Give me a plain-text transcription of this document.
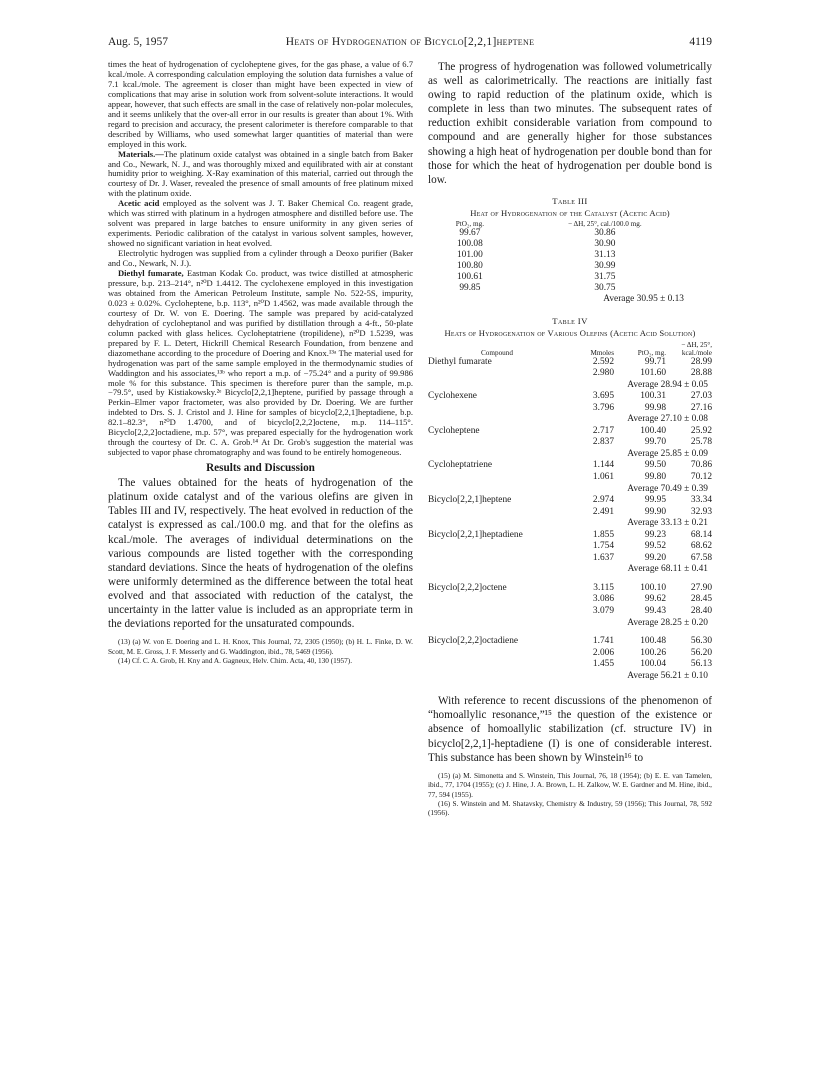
Aug. 5, 1957	Heats of Hydrogenation of Bicyclo[2,2,1]heptene	4119

times the heat of hydrogenation of cycloheptene gives, for the gas phase, a value of 6.7 kcal./mole. A corresponding calculation employing the solution data furnishes a value of 7.1 kcal./mole. The agreement is closer than might have been expected in view of complications that may arise in solution work from solvent-solute interactions. It would appear, however, that such effects are small in the case of relatively non-polar molecules, and it seems unlikely that the over-all error in our results is greater than about 1%. With regard to precision and accuracy, the present calorimeter is therefore comparable to that described by Williams, who used somewhat larger quantities of material than were employed in this work.

Materials.—The platinum oxide catalyst was obtained in a single batch from Baker and Co., Newark, N. J., and was thoroughly mixed and equilibrated with air at constant humidity prior to weighing. X-Ray examination of this material, carried out through the courtesy of Dr. J. Waser, revealed the presence of small amounts of free platinum mixed with the platinum oxide.

Acetic acid employed as the solvent was J. T. Baker Chemical Co. reagent grade, which was stirred with platinum in a hydrogen atmosphere and distilled before use. The solvent was prepared in large batches to ensure uniformity in any given series of experiments. Periodic calibration of the catalyst in various solvent samples, however, showed no significant variation in heat evolved.

Electrolytic hydrogen was supplied from a cylinder through a Deoxo purifier (Baker and Co., Newark, N. J.).

Diethyl fumarate, Eastman Kodak Co. product, was twice distilled at atmospheric pressure, b.p. 213–214°, n²⁰D 1.4412. The cyclohexene employed in this investigation was obtained from the American Petroleum Institute, sample No. 522-5S, impurity, 0.023 ± 0.02%. Cycloheptene, b.p. 113°, n²⁰D 1.4562, was made available through the courtesy of Dr. W. von E. Doering. The sample was prepared by acid-catalyzed dehydration of cycloheptanol and was purified by distillation through a 4-ft., 50-plate column packed with glass helices. Cycloheptatriene (tropilidene), n²⁰D 1.5239, was prepared by F. L. Detert, Hickrill Chemical Research Foundation, from benzene and diazomethane according to the procedure of Doering and Knox.¹³ᵃ The material used for hydrogenation was part of the same sample employed in the thermodynamic studies of Waddington and his associates,¹³ᵇ who report a m.p. of −75.24° and a purity of 99.986 mole % for this substance. This specimen is therefore purer than the sample, m.p. −79.5°, used by Kistiakowsky.²ᵉ Bicyclo[2,2,1]heptene, purified by passage through a Perkin–Elmer vapor fractometer, was also provided by Dr. Doering. We are further indebted to Drs. S. J. Cristol and J. Hine for samples of bicyclo[2,2,1]heptadiene, b.p. 82.1–82.3°, n²⁰D 1.4700, and of bicyclo[2,2,2]octene, m.p. 114–115°. Bicyclo[2,2,2]octadiene, m.p. 57°, was prepared especially for the hydrogenation work through the courtesy of Dr. C. A. Grob.¹⁴ At Dr. Grob's suggestion the material was subjected to vapor phase chromatography and was found to be entirely homogeneous.

Results and Discussion

The values obtained for the heats of hydrogenation of the platinum oxide catalyst and of the various olefins are given in Tables III and IV, respectively. The heat evolved in reduction of the catalyst is expressed as cal./100.0 mg. and that for the olefins as kcal./mole. The averages of individual determinations on the various compounds are listed together with the corresponding standard deviations. Since the heats of hydrogenation of the olefins were uniformly determined as the difference between the total heat evolved and that associated with reduction of the catalyst, the uncertainty in the latter value is included as an appropriate term in the deviations reported for the unsaturated compounds.

(13) (a) W. von E. Doering and L. H. Knox, This Journal, 72, 2305 (1950); (b) H. L. Finke, D. W. Scott, M. E. Gross, J. F. Messerly and G. Waddington, ibid., 78, 5469 (1956).

(14) Cf. C. A. Grob, H. Kny and A. Gagneux, Helv. Chim. Acta, 40, 130 (1957).

The progress of hydrogenation was followed volumetrically as well as calorimetrically. The reactions are initially fast owing to rapid reduction of the platinum oxide, which is complete in less than two minutes. The subsequent rates of reduction exhibit considerable variation from compound to compound and are generally higher for those substances showing a high heat of hydrogenation per double bond than for those for which the heat of hydrogenation per double bond is low.

Table III
Heat of Hydrogenation of the Catalyst (Acetic Acid)
PtO₂, mg.	− ΔH, 25°, cal./100.0 mg.
99.67	30.86
100.08	30.90
101.00	31.13
100.80	30.99
100.61	31.75
99.85	30.75
	Average 30.95 ± 0.13
Table IV
Heats of Hydrogenation of Various Olefins (Acetic Acid Solution)
Compound	Mmoles	PtO₂, mg.	− ΔH, 25°, kcal./mole
Diethyl fumarate	2.592	99.71	28.99
	2.980	101.60	28.88
	Average 28.94 ± 0.05		
Cyclohexene	3.695	100.31	27.03
	3.796	99.98	27.16
	Average 27.10 ± 0.08		
Cycloheptene	2.717	100.40	25.92
	2.837	99.70	25.78
	Average 25.85 ± 0.09		
Cycloheptatriene	1.144	99.50	70.86
	1.061	99.80	70.12
	Average 70.49 ± 0.39		
Bicyclo[2,2,1]heptene	2.974	99.95	33.34
	2.491	99.90	32.93
	Average 33.13 ± 0.21		
Bicyclo[2,2,1]heptadiene	1.855	99.23	68.14
	1.754	99.52	68.62
	1.637	99.20	67.58
	Average 68.11 ± 0.41		

Bicyclo[2,2,2]octene	3.115	100.10	27.90
	3.086	99.62	28.45
	3.079	99.43	28.40
	Average 28.25 ± 0.20		

Bicyclo[2,2,2]octadiene	1.741	100.48	56.30
	2.006	100.26	56.20
	1.455	100.04	56.13
	Average 56.21 ± 0.10		

With reference to recent discussions of the phenomenon of “homoallylic resonance,”¹⁵ the question of the existence or absence of homoallylic stabilization (cf. structure IV) in bicyclo[2,2,1]-heptadiene (I) is one of considerable interest. This substance has been shown by Winstein¹⁶ to

(15) (a) M. Simonetta and S. Winstein, This Journal, 76, 18 (1954); (b) E. E. van Tamelen, ibid., 77, 1704 (1955); (c) J. Hine, J. A. Brown, L. H. Zalkow, W. E. Gardner and M. Hine, ibid., 77, 594 (1955).

(16) S. Winstein and M. Shatavsky, Chemistry & Industry, 59 (1956); This Journal, 78, 592 (1956).
